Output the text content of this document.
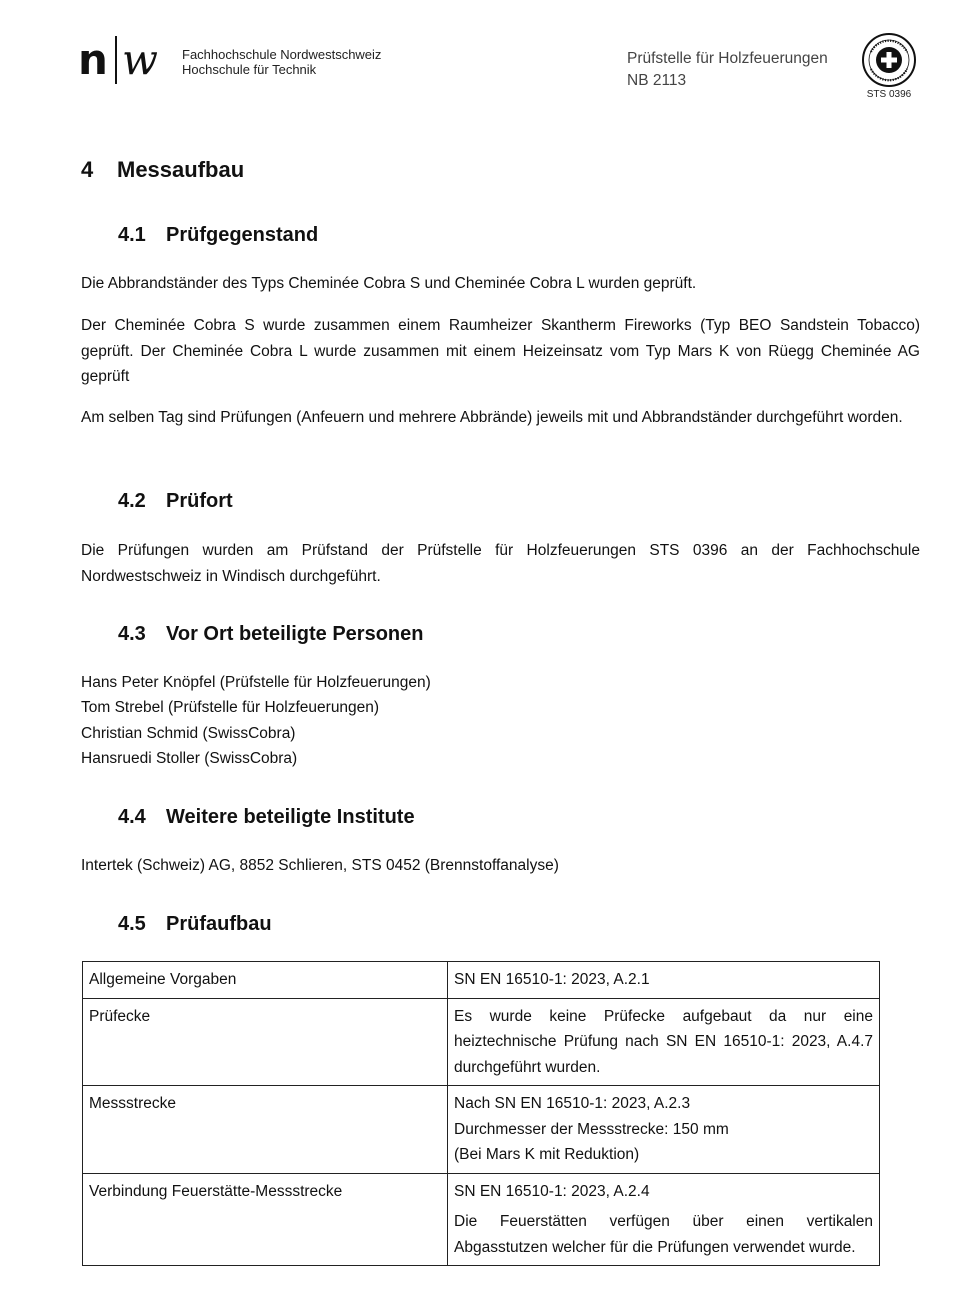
n w Fachhochschule Nordwestschweiz
Hochschule für Technik
Prüfstelle für Holzfeuerungen
NB 2113
STS 0396
4 Messaufbau
4.1 Prüfgegenstand
Die Abbrandständer des Typs Cheminée Cobra S und Cheminée Cobra L wurden geprüft.
Der Cheminée Cobra S wurde zusammen einem Raumheizer Skantherm Fireworks (Typ BEO Sandstein Tobacco) geprüft. Der Cheminée Cobra L wurde zusammen mit einem Heizeinsatz vom Typ Mars K von Rüegg Cheminée AG geprüft
Am selben Tag sind Prüfungen (Anfeuern und mehrere Abbrände) jeweils mit und Abbrandständer durchgeführt worden.
4.2 Prüfort
Die Prüfungen wurden am Prüfstand der Prüfstelle für Holzfeuerungen STS 0396 an der Fachhochschule Nordwestschweiz in Windisch durchgeführt.
4.3 Vor Ort beteiligte Personen
Hans Peter Knöpfel (Prüfstelle für Holzfeuerungen)
Tom Strebel (Prüfstelle für Holzfeuerungen)
Christian Schmid (SwissCobra)
Hansruedi Stoller (SwissCobra)
4.4 Weitere beteiligte Institute
Intertek (Schweiz) AG, 8852 Schlieren, STS 0452 (Brennstoffanalyse)
4.5 Prüfaufbau
Allgemeine Vorgaben	SN EN 16510-1: 2023, A.2.1

Prüfecke	Es wurde keine Prüfecke aufgebaut da nur eine heiztechnische Prüfung nach SN EN 16510-1: 2023, A.4.7 durchgeführt wurden.

Messstrecke	Nach SN EN 16510-1: 2023, A.2.3
Durchmesser der Messstrecke: 150 mm
(Bei Mars K mit Reduktion)

Verbindung Feuerstätte-Messstrecke	SN EN 16510-1: 2023, A.2.4
Die Feuerstätten verfügen über einen vertikalen Abgasstutzen welcher für die Prüfungen verwendet wurde.
